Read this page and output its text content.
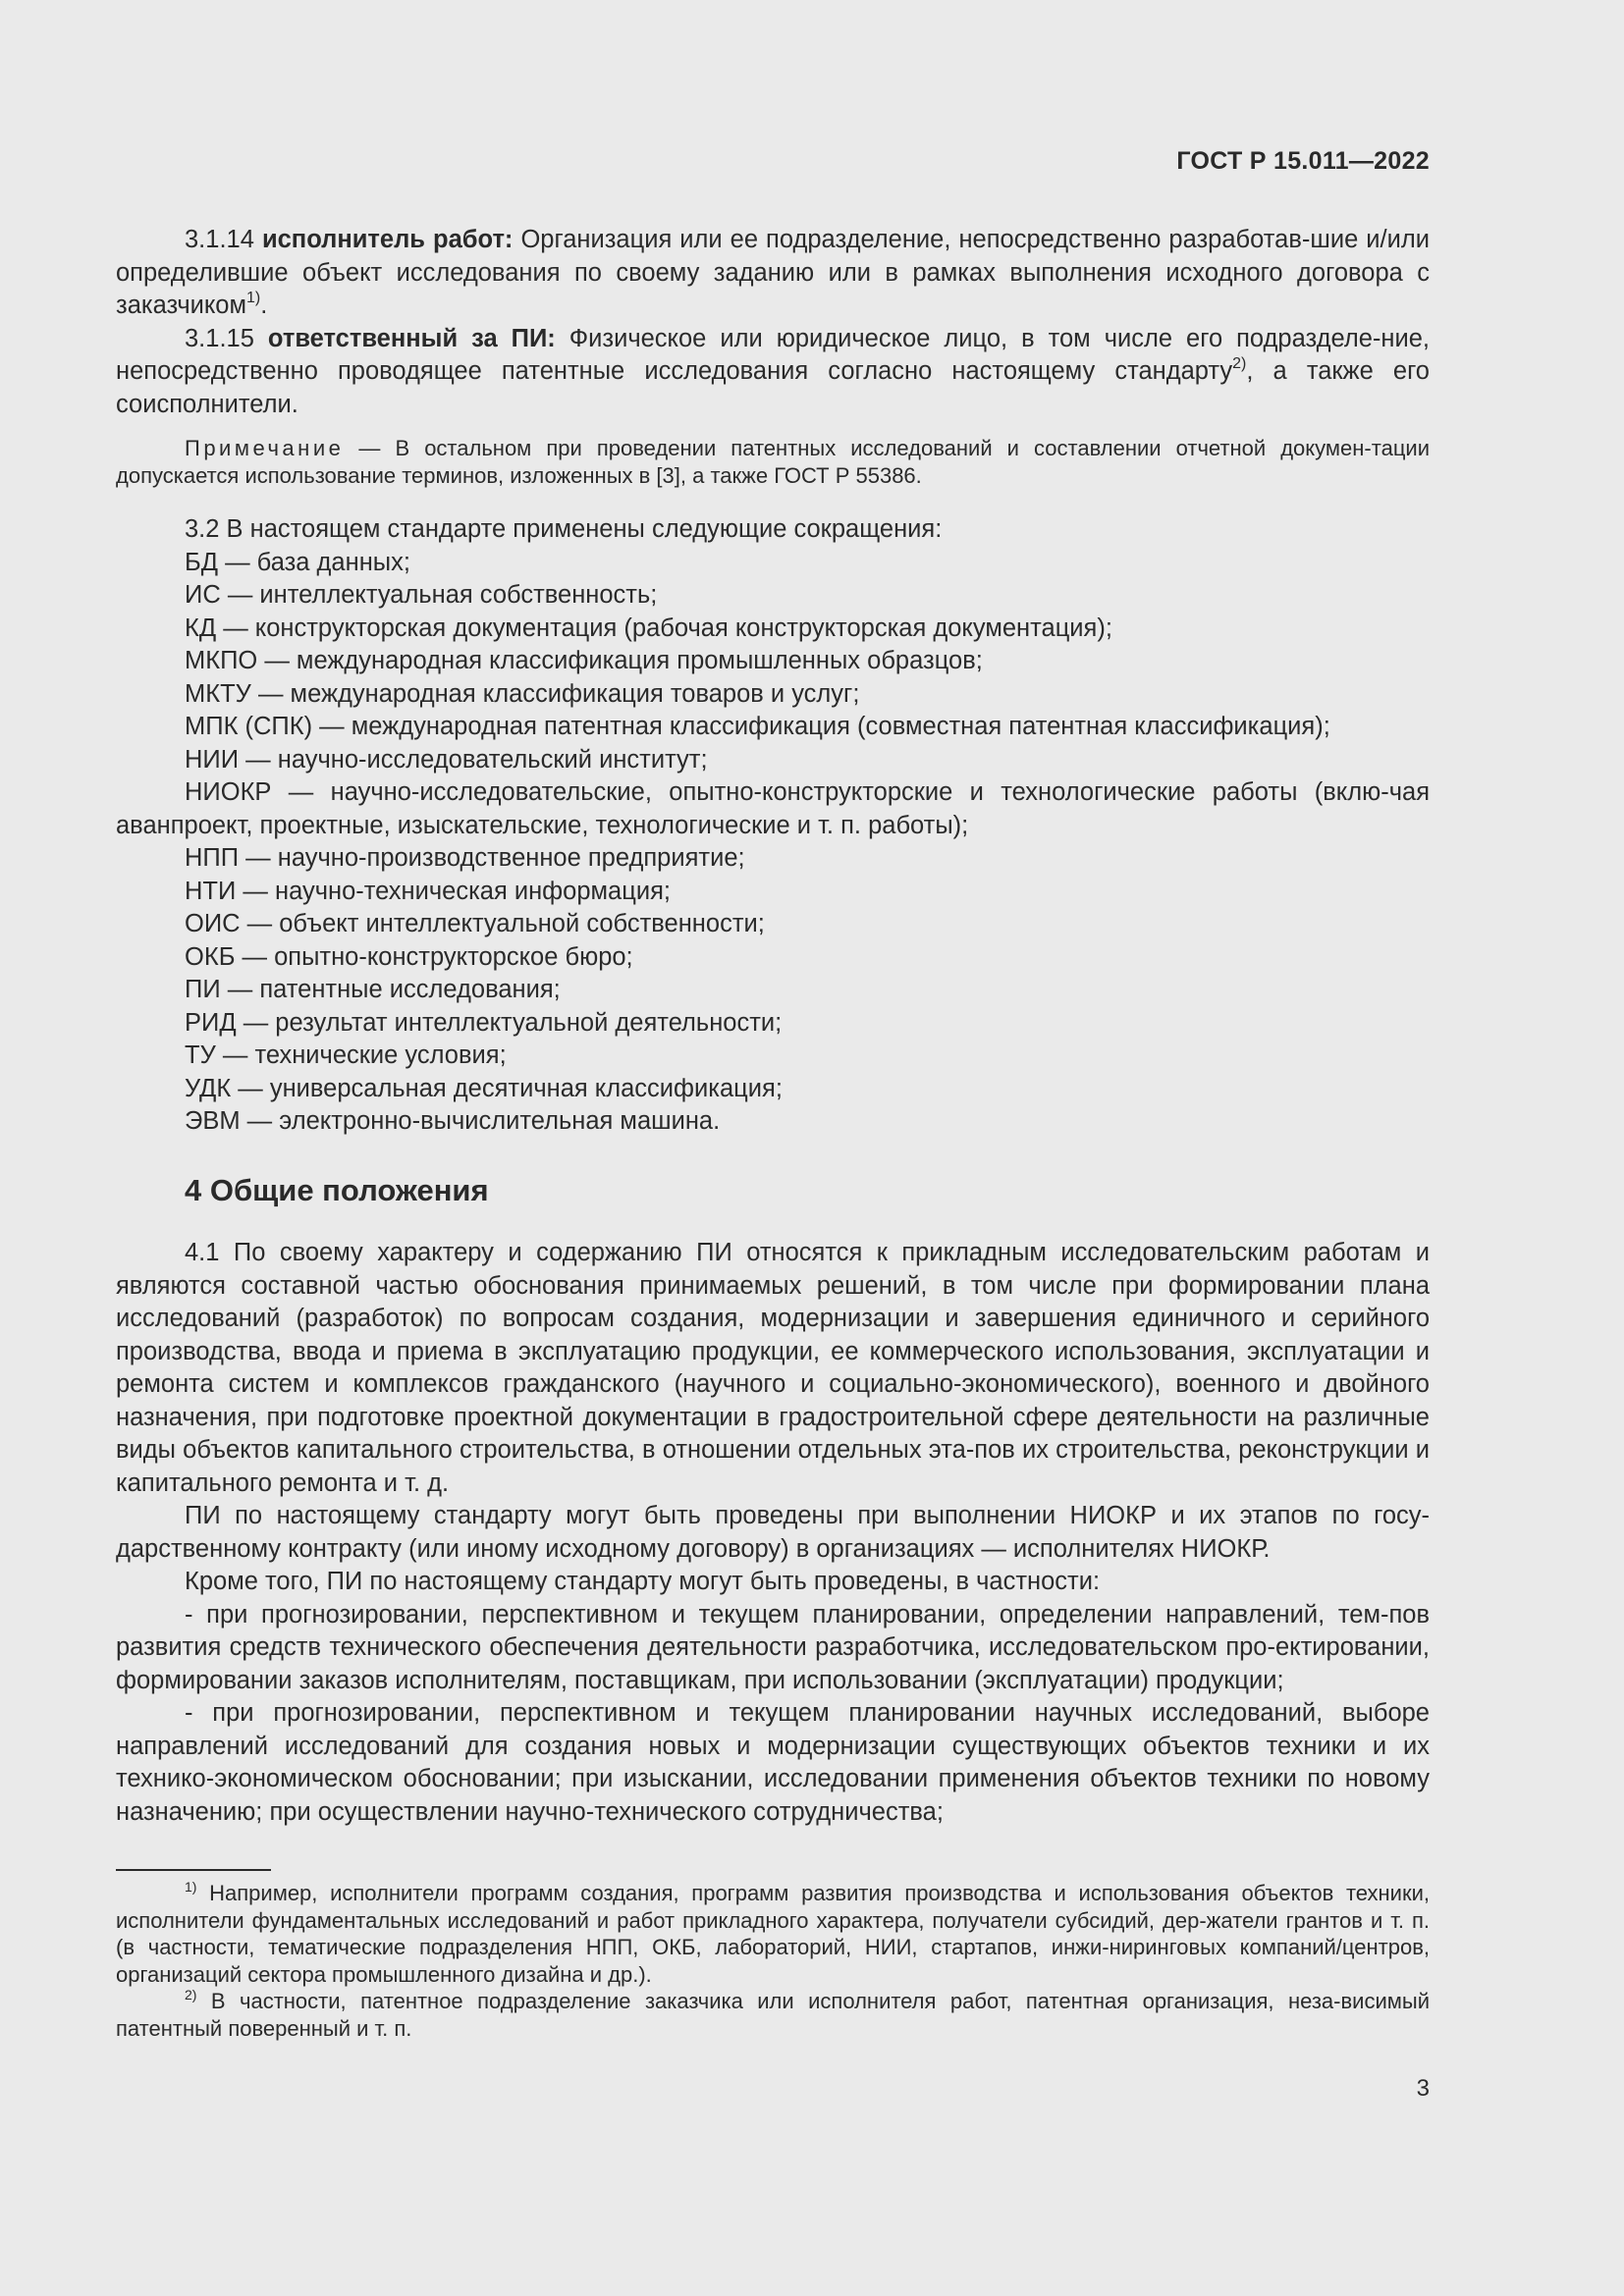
ГОСТ Р 15.011—2022

3.1.14 исполнитель работ: Организация или ее подразделение, непосредственно разработав-шие и/или определившие объект исследования по своему заданию или в рамках выполнения исходного договора с заказчиком$^{1)}$.

3.1.15 ответственный за ПИ: Физическое или юридическое лицо, в том числе его подразделе-ние, непосредственно проводящее патентные исследования согласно настоящему стандарту$^{2)}$, а также его соисполнители.

Примечание — В остальном при проведении патентных исследований и составлении отчетной докумен-тации допускается использование терминов, изложенных в [3], а также ГОСТ Р 55386.

3.2 В настоящем стандарте применены следующие сокращения:

БД — база данных;

ИС — интеллектуальная собственность;

КД — конструкторская документация (рабочая конструкторская документация);

МКПО — международная классификация промышленных образцов;

МКТУ — международная классификация товаров и услуг;

МПК (СПК) — международная патентная классификация (совместная патентная классификация);

НИИ — научно-исследовательский институт;

НИОКР — научно-исследовательские, опытно-конструкторские и технологические работы (вклю-чая аванпроект, проектные, изыскательские, технологические и т. п. работы);

НПП — научно-производственное предприятие;

НТИ — научно-техническая информация;

ОИС — объект интеллектуальной собственности;

ОКБ — опытно-конструкторское бюро;

ПИ — патентные исследования;

РИД — результат интеллектуальной деятельности;

ТУ — технические условия;

УДК — универсальная десятичная классификация;

ЭВМ — электронно-вычислительная машина.

4 Общие положения

4.1 По своему характеру и содержанию ПИ относятся к прикладным исследовательским работам и являются составной частью обоснования принимаемых решений, в том числе при формировании плана исследований (разработок) по вопросам создания, модернизации и завершения единичного и серийного производства, ввода и приема в эксплуатацию продукции, ее коммерческого использования, эксплуатации и ремонта систем и комплексов гражданского (научного и социально-экономического), военного и двойного назначения, при подготовке проектной документации в градостроительной сфере деятельности на различные виды объектов капитального строительства, в отношении отдельных эта-пов их строительства, реконструкции и капитального ремонта и т. д.

ПИ по настоящему стандарту могут быть проведены при выполнении НИОКР и их этапов по госу-дарственному контракту (или иному исходному договору) в организациях — исполнителях НИОКР.

Кроме того, ПИ по настоящему стандарту могут быть проведены, в частности:

- при прогнозировании, перспективном и текущем планировании, определении направлений, тем-пов развития средств технического обеспечения деятельности разработчика, исследовательском про-ектировании, формировании заказов исполнителям, поставщикам, при использовании (эксплуатации) продукции;

- при прогнозировании, перспективном и текущем планировании научных исследований, выборе направлений исследований для создания новых и модернизации существующих объектов техники и их технико-экономическом обосновании; при изыскании, исследовании применения объектов техники по новому назначению; при осуществлении научно-технического сотрудничества;

$^{1)}$ Например, исполнители программ создания, программ развития производства и использования объектов техники, исполнители фундаментальных исследований и работ прикладного характера, получатели субсидий, дер-жатели грантов и т. п. (в частности, тематические подразделения НПП, ОКБ, лабораторий, НИИ, стартапов, инжи-ниринговых компаний/центров, организаций сектора промышленного дизайна и др.).

$^{2)}$ В частности, патентное подразделение заказчика или исполнителя работ, патентная организация, неза-висимый патентный поверенный и т. п.

3
